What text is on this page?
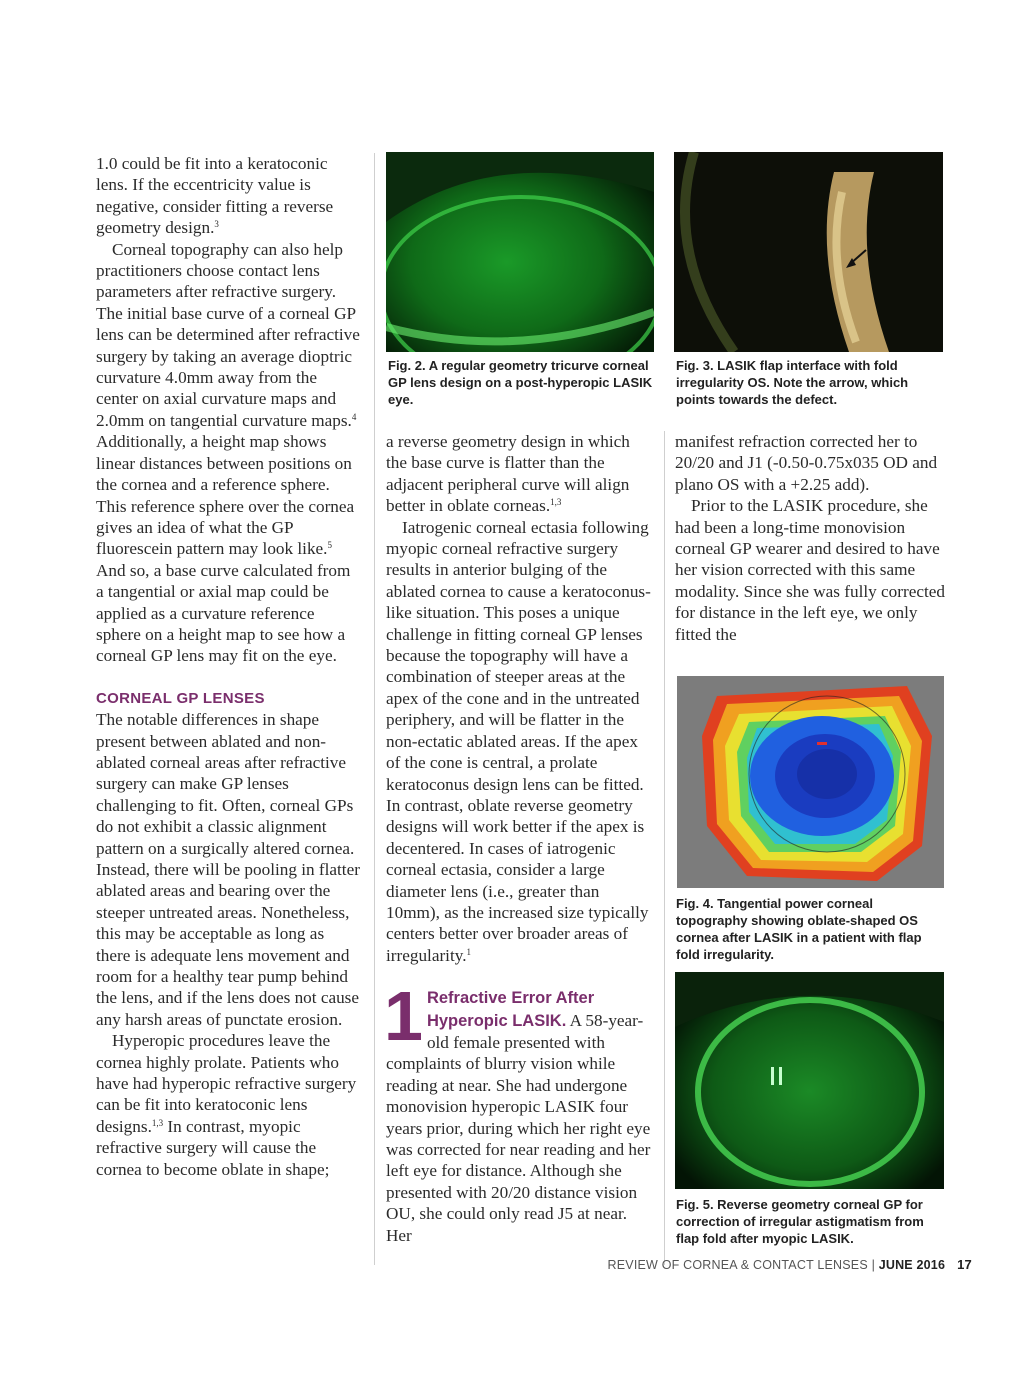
1.0 could be fit into a keratoconic lens. If the eccentricity value is negative, consider fitting a reverse geometry design.$^3$

Corneal topography can also help practitioners choose contact lens parameters after refractive surgery. The initial base curve of a corneal GP lens can be determined after refractive surgery by taking an average dioptric curvature 4.0mm away from the center on axial curvature maps and 2.0mm on tangential curvature maps.$^4$ Additionally, a height map shows linear distances between positions on the cornea and a reference sphere. This reference sphere over the cornea gives an idea of what the GP fluorescein pattern may look like.$^5$ And so, a base curve calculated from a tangential or axial map could be applied as a curvature reference sphere on a height map to see how a corneal GP lens may fit on the eye.

CORNEAL GP LENSES

The notable differences in shape present between ablated and non-ablated corneal areas after refractive surgery can make GP lenses challenging to fit. Often, corneal GPs do not exhibit a classic alignment pattern on a surgically altered cornea. Instead, there will be pooling in flatter ablated areas and bearing over the steeper untreated areas. Nonetheless, this may be acceptable as long as there is adequate lens movement and room for a healthy tear pump behind the lens, and if the lens does not cause any harsh areas of punctate erosion.

Hyperopic procedures leave the cornea highly prolate. Patients who have had hyperopic refractive surgery can be fit into keratoconic lens designs.$^{1,3}$ In contrast, myopic refractive surgery will cause the cornea to become oblate in shape;

Fig. 2. A regular geometry tricurve corneal GP lens design on a post-hyperopic LASIK eye.
Fig. 3. LASIK flap interface with fold irregularity OS. Note the arrow, which points towards the defect.

a reverse geometry design in which the base curve is flatter than the adjacent peripheral curve will align better in oblate corneas.$^{1,3}$

Iatrogenic corneal ectasia following myopic corneal refractive surgery results in anterior bulging of the ablated cornea to cause a keratoconus-like situation. This poses a unique challenge in fitting corneal GP lenses because the topography will have a combination of steeper areas at the apex of the cone and in the untreated periphery, and will be flatter in the non-ectatic ablated areas. If the apex of the cone is central, a prolate keratoconus design lens can be fitted. In contrast, oblate reverse geometry designs will work better if the apex is decentered. In cases of iatrogenic corneal ectasia, consider a large diameter lens (i.e., greater than 10mm), as the increased size typically centers better over broader areas of irregularity.$^1$

1 Refractive Error After Hyperopic LASIK. A 58-year-old female presented with complaints of blurry vision while reading at near. She had undergone monovision hyperopic LASIK four years prior, during which her right eye was corrected for near reading and her left eye for distance. Although she presented with 20/20 distance vision OU, she could only read J5 at near. Her

manifest refraction corrected her to 20/20 and J1 (-0.50-0.75x035 OD and plano OS with a +2.25 add).

Prior to the LASIK procedure, she had been a long-time monovision corneal GP wearer and desired to have her vision corrected with this same modality. Since she was fully corrected for distance in the left eye, we only fitted the

Fig. 4. Tangential power corneal topography showing oblate-shaped OS cornea after LASIK in a patient with flap fold irregularity.
Fig. 5. Reverse geometry corneal GP for correction of irregular astigmatism from flap fold after myopic LASIK.
REVIEW OF CORNEA & CONTACT LENSES | JUNE 2016 17
